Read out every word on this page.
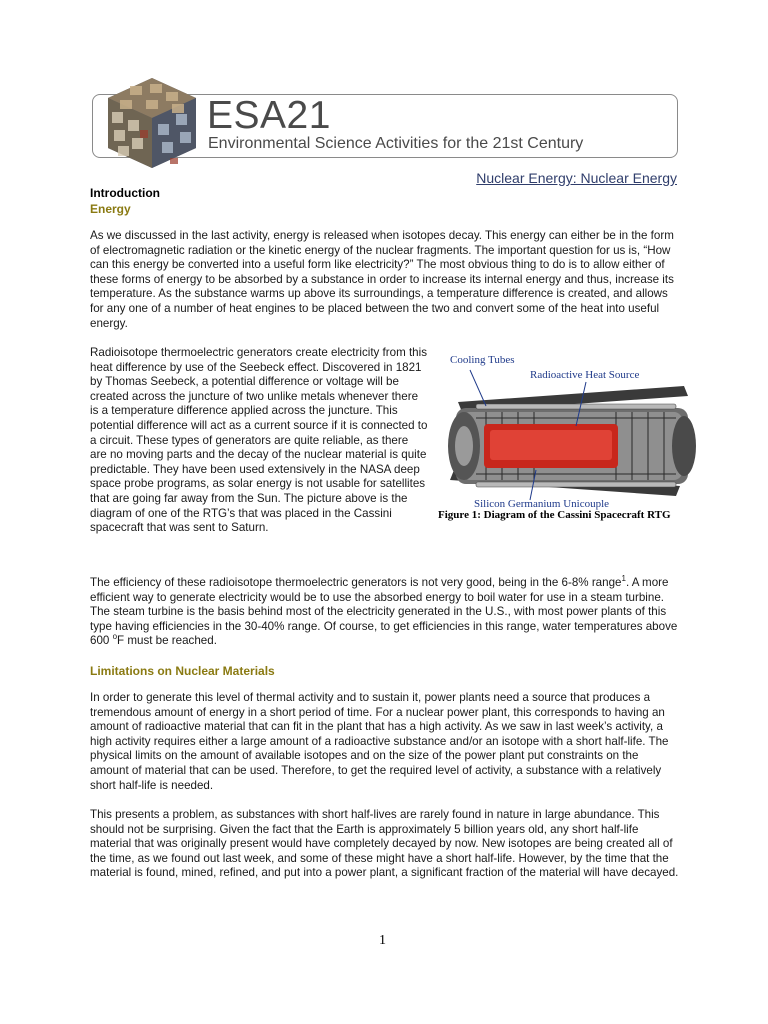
ESA21
Environmental Science Activities for the 21st Century
Nuclear Energy: Nuclear Energy
Introduction
Energy

As we discussed in the last activity, energy is released when isotopes decay. This energy can either be in the form of electromagnetic radiation or the kinetic energy of the nuclear fragments. The important question for us is, “How can this energy be converted into a useful form like electricity?” The most obvious thing to do is to allow either of these forms of energy to be absorbed by a substance in order to increase its internal energy and thus, increase its temperature. As the substance warms up above its surroundings, a temperature difference is created, and allows for any one of a number of heat engines to be placed between the two and convert some of the heat into useful energy.

Radioisotope thermoelectric generators create electricity from this heat difference by use of the Seebeck effect. Discovered in 1821 by Thomas Seebeck, a potential difference or voltage will be created across the juncture of two unlike metals whenever there is a temperature difference applied across the juncture. This potential difference will act as a current source if it is connected to a circuit. These types of generators are quite reliable, as there are no moving parts and the decay of the nuclear material is quite predictable. They have been used extensively in the NASA deep space probe programs, as solar energy is not usable for satellites that are going far away from the Sun. The picture above is the diagram of one of the RTG’s that was placed in the Cassini spacecraft that was sent to Saturn.

Cooling Tubes
Radioactive Heat Source
Silicon Germanium Unicouple
Figure 1: Diagram of the Cassini Spacecraft RTG

The efficiency of these radioisotope thermoelectric generators is not very good, being in the 6-8% range$^1$. A more efficient way to generate electricity would be to use the absorbed energy to boil water for use in a steam turbine. The steam turbine is the basis behind most of the electricity generated in the U.S., with most power plants of this type having efficiencies in the 30-40% range. Of course, to get efficiencies in this range, water temperatures above 600 $^o$F must be reached.

Limitations on Nuclear Materials

In order to generate this level of thermal activity and to sustain it, power plants need a source that produces a tremendous amount of energy in a short period of time. For a nuclear power plant, this corresponds to having an amount of radioactive material that can fit in the plant that has a high activity. As we saw in last week’s activity, a high activity requires either a large amount of a radioactive substance and/or an isotope with a short half-life. The physical limits on the amount of available isotopes and on the size of the power plant put constraints on the amount of material that can be used. Therefore, to get the required level of activity, a substance with a relatively short half-life is needed.

This presents a problem, as substances with short half-lives are rarely found in nature in large abundance. This should not be surprising. Given the fact that the Earth is approximately 5 billion years old, any short half-life material that was originally present would have completely decayed by now. New isotopes are being created all of the time, as we found out last week, and some of these might have a short half-life. However, by the time that the material is found, mined, refined, and put into a power plant, a significant fraction of the material will have decayed.

1
